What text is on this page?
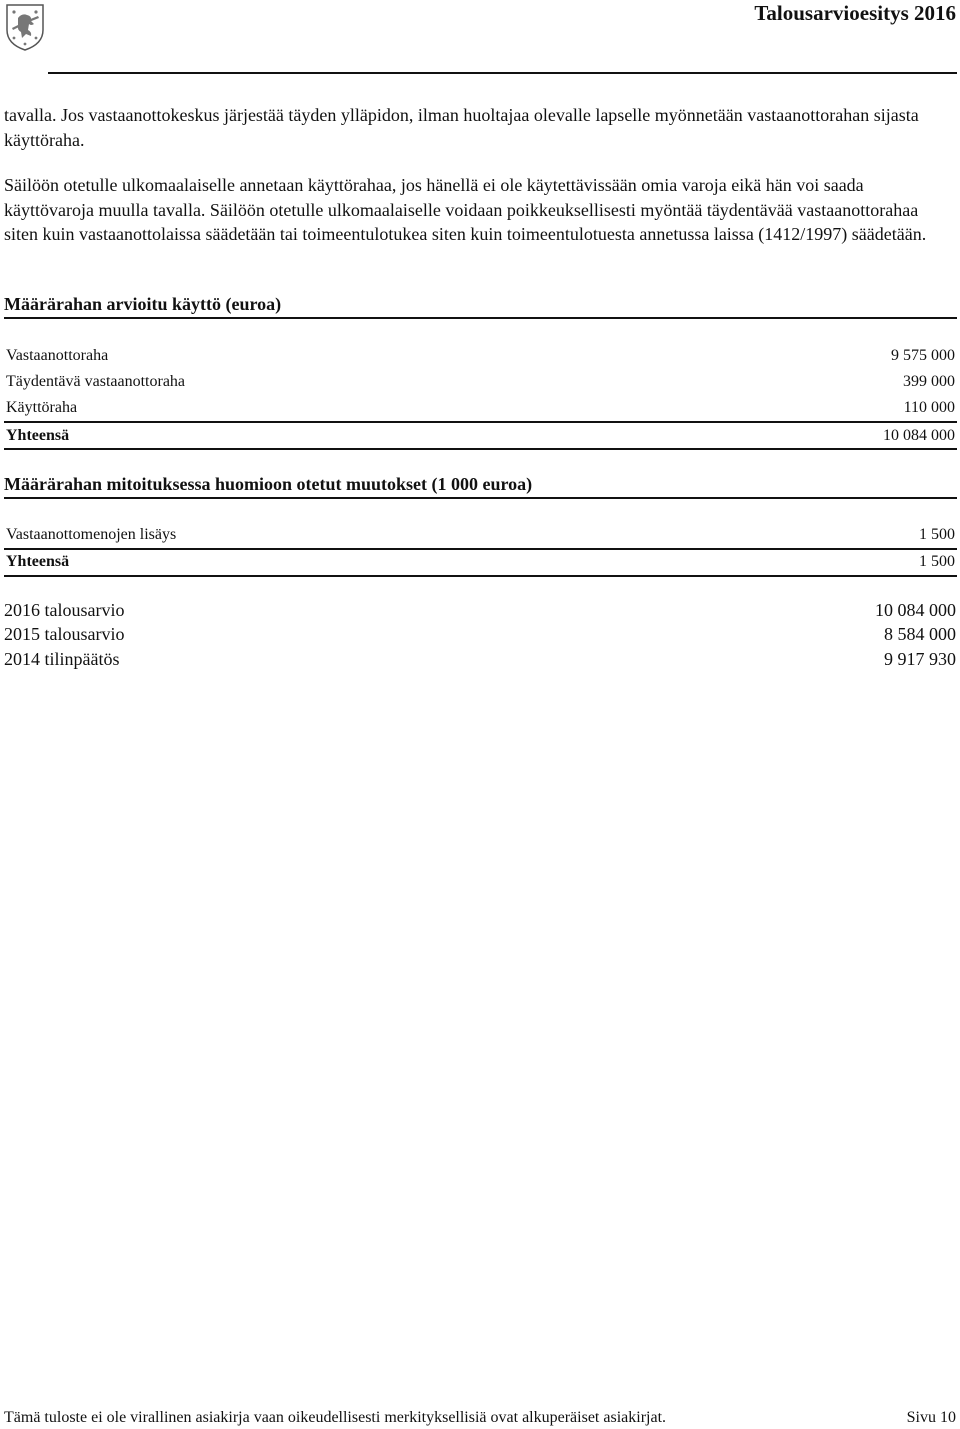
Talousarvioesitys 2016

tavalla. Jos vastaanottokeskus järjestää täyden ylläpidon, ilman huoltajaa olevalle lapselle myönnetään vastaanottorahan sijasta käyttöraha.

Säilöön otetulle ulkomaalaiselle annetaan käyttörahaa, jos hänellä ei ole käytettävissään omia varoja eikä hän voi saada käyttövaroja muulla tavalla. Säilöön otetulle ulkomaalaiselle voidaan poikkeuksellisesti myöntää täydentävää vastaanottorahaa siten kuin vastaanottolaissa säädetään tai toimeentulotukea siten kuin toimeentulotuesta annetussa laissa (1412/1997) säädetään.

Määrärahan arvioitu käyttö (euroa)
Vastaanottoraha	9 575 000
Täydentävä vastaanottoraha	399 000
Käyttöraha	110 000
Yhteensä	10 084 000
Määrärahan mitoituksessa huomioon otetut muutokset (1 000 euroa)
Vastaanottomenojen lisäys	1 500
Yhteensä	1 500
2016 talousarvio	10 084 000
2015 talousarvio	8 584 000
2014 tilinpäätös	9 917 930
Tämä tuloste ei ole virallinen asiakirja vaan oikeudellisesti merkityksellisiä ovat alkuperäiset asiakirjat.	Sivu 10
